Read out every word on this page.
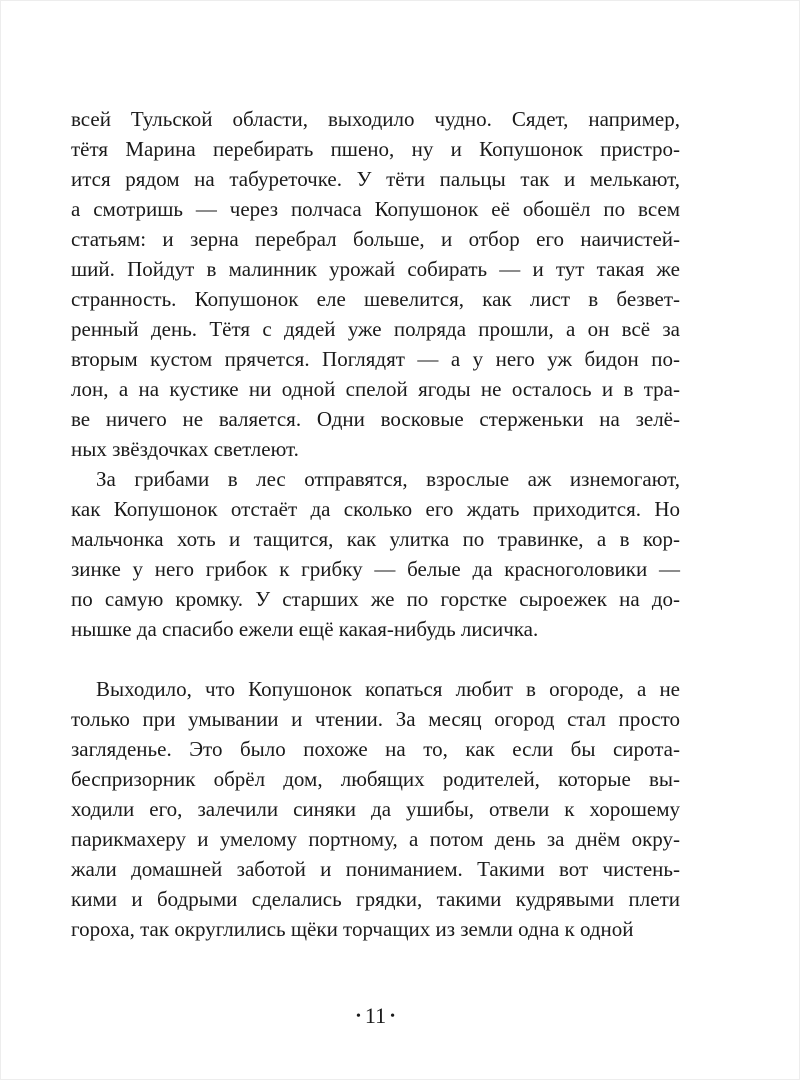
всей Тульской области, выходило чудно. Сядет, например,
тётя Марина перебирать пшено, ну и Копушонок пристро-
ится рядом на табуреточке. У тёти пальцы так и мелькают,
а смотришь — через полчаса Копушонок её обошёл по всем
статьям: и зерна перебрал больше, и отбор его наичистей-
ший. Пойдут в малинник урожай собирать — и тут такая же
странность. Копушонок еле шевелится, как лист в безвет-
ренный день. Тётя с дядей уже полряда прошли, а он всё за
вторым кустом прячется. Поглядят — а у него уж бидон по-
лон, а на кустике ни одной спелой ягоды не осталось и в тра-
ве ничего не валяется. Одни восковые стерженьки на зелё-
ных звёздочках светлеют.
За грибами в лес отправятся, взрослые аж изнемогают,
как Копушонок отстаёт да сколько его ждать приходится. Но
мальчонка хоть и тащится, как улитка по травинке, а в кор-
зинке у него грибок к грибку — белые да красноголовики —
по самую кромку. У старших же по горстке сыроежек на до-
нышке да спасибо ежели ещё какая-нибудь лисичка.
Выходило, что Копушонок копаться любит в огороде, а не
только при умывании и чтении. За месяц огород стал просто
загляденье. Это было похоже на то, как если бы сирота-
беспризорник обрёл дом, любящих родителей, которые вы-
ходили его, залечили синяки да ушибы, отвели к хорошему
парикмахеру и умелому портному, а потом день за днём окру-
жали домашней заботой и пониманием. Такими вот чистень-
кими и бодрыми сделались грядки, такими кудрявыми плети
гороха, так округлились щёки торчащих из земли одна к одной
• 11 •
